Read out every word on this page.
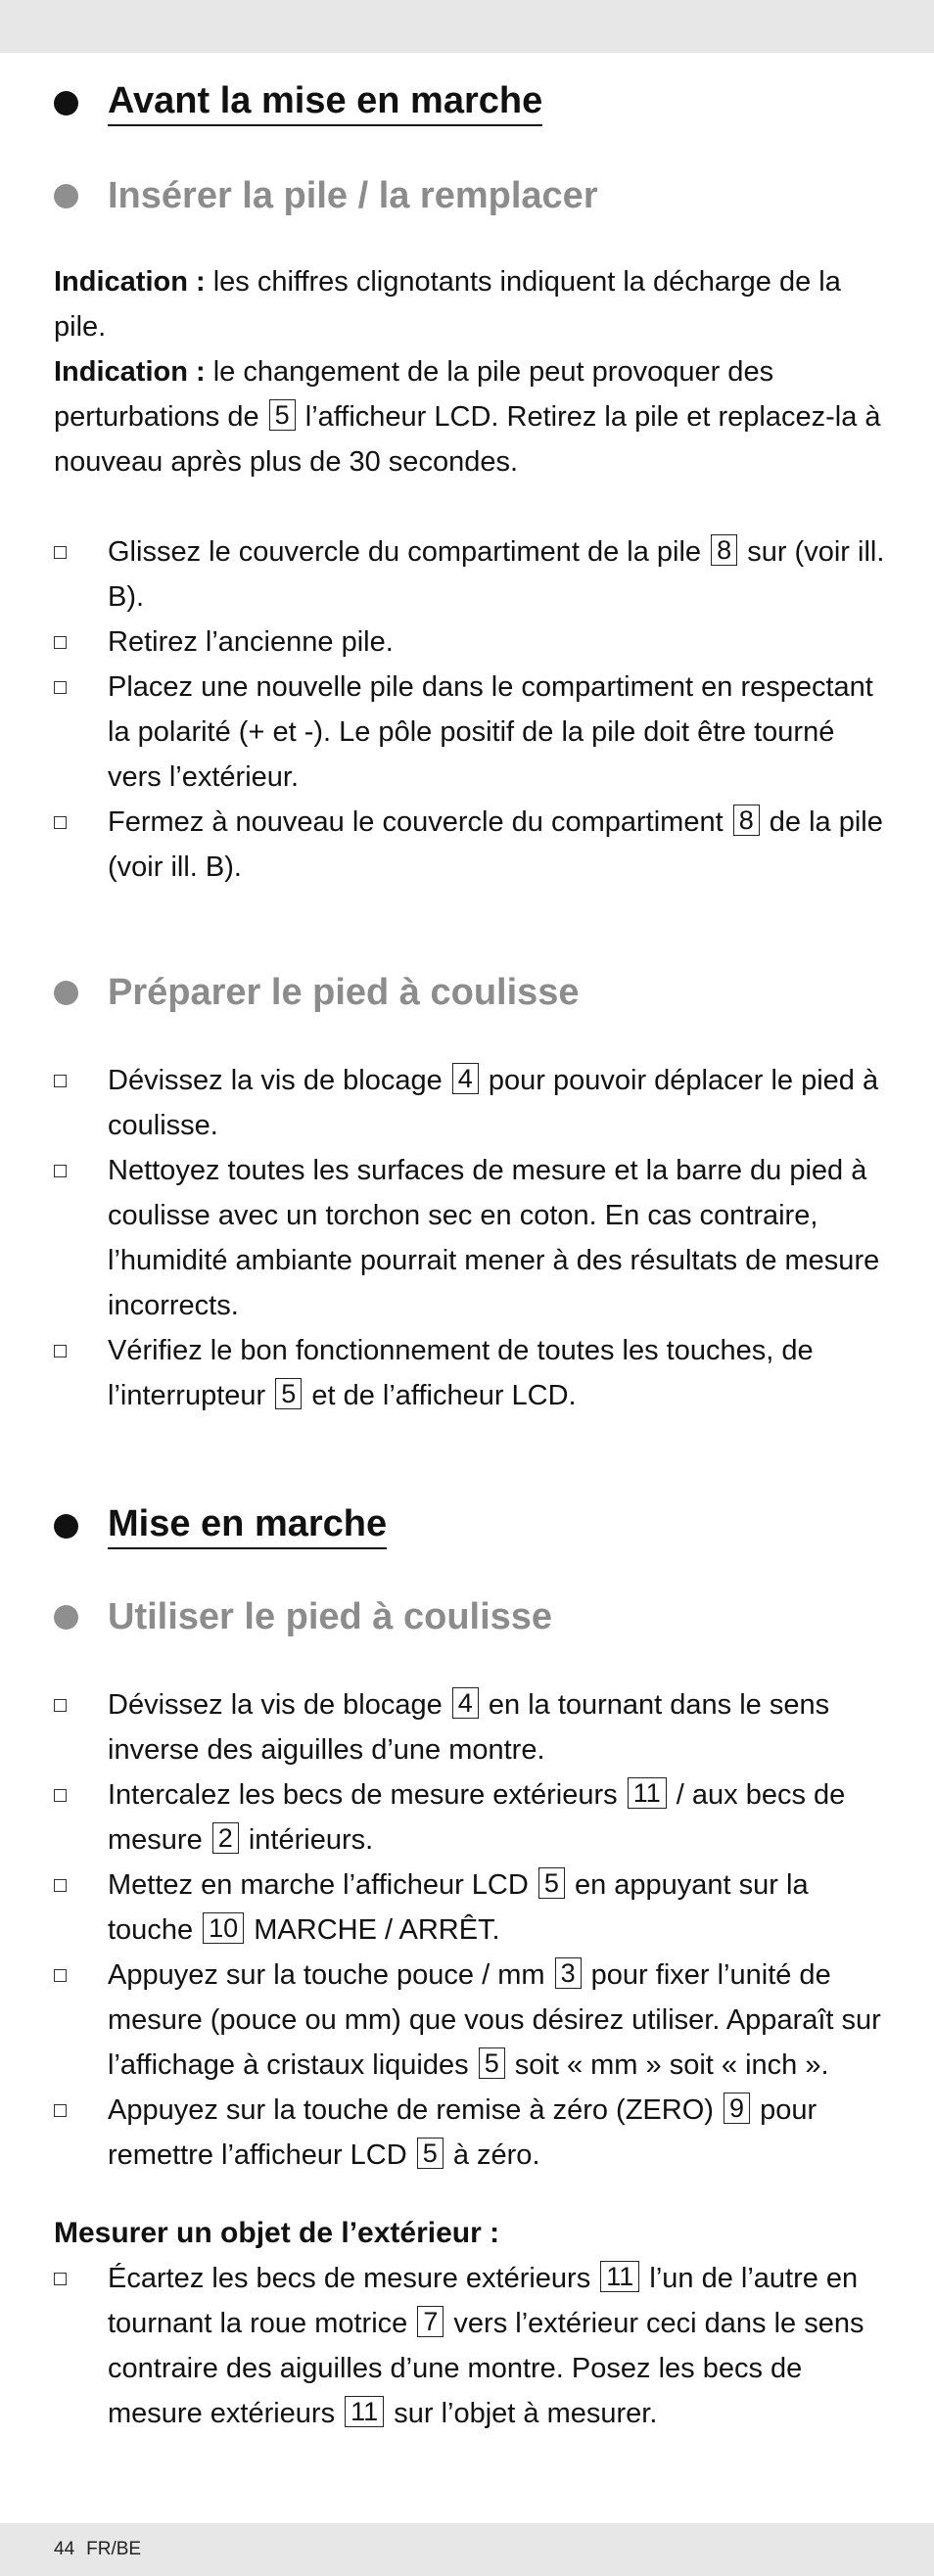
Avant la mise en marche
Insérer la pile / la remplacer

Indication : les chiffres clignotants indiquent la décharge de la pile.

Indication : le changement de la pile peut provoquer des perturbations de 5 l’afficheur LCD. Retirez la pile et replacez-la à nouveau après plus de 30 secondes.

Glissez le couvercle du compartiment de la pile 8 sur (voir ill. B).
Retirez l’ancienne pile.
Placez une nouvelle pile dans le compartiment en respectant la polarité (+ et -). Le pôle positif de la pile doit être tourné vers l’extérieur.
Fermez à nouveau le couvercle du compartiment 8 de la pile (voir ill. B).
Préparer le pied à coulisse
Dévissez la vis de blocage 4 pour pouvoir déplacer le pied à coulisse.
Nettoyez toutes les surfaces de mesure et la barre du pied à coulisse avec un torchon sec en coton. En cas contraire, l’humidité ambiante pourrait mener à des résultats de mesure incorrects.
Vérifiez le bon fonctionnement de toutes les touches, de l’interrupteur 5 et de l’afficheur LCD.
Mise en marche
Utiliser le pied à coulisse
Dévissez la vis de blocage 4 en la tournant dans le sens inverse des aiguilles d’une montre.
Intercalez les becs de mesure extérieurs 11 / aux becs de mesure 2 intérieurs.
Mettez en marche l’afficheur LCD 5 en appuyant sur la touche 10 MARCHE / ARRÊT.
Appuyez sur la touche pouce / mm 3 pour fixer l’unité de mesure (pouce ou mm) que vous désirez utiliser. Apparaît sur l’affichage à cristaux liquides 5 soit « mm » soit « inch ».
Appuyez sur la touche de remise à zéro (ZERO) 9 pour remettre l’afficheur LCD 5 à zéro.

Mesurer un objet de l’extérieur :

Écartez les becs de mesure extérieurs 11 l’un de l’autre en tournant la roue motrice 7 vers l’extérieur ceci dans le sens contraire des aiguilles d’une montre. Posez les becs de mesure extérieurs 11 sur l’objet à mesurer.
44 FR/BE
